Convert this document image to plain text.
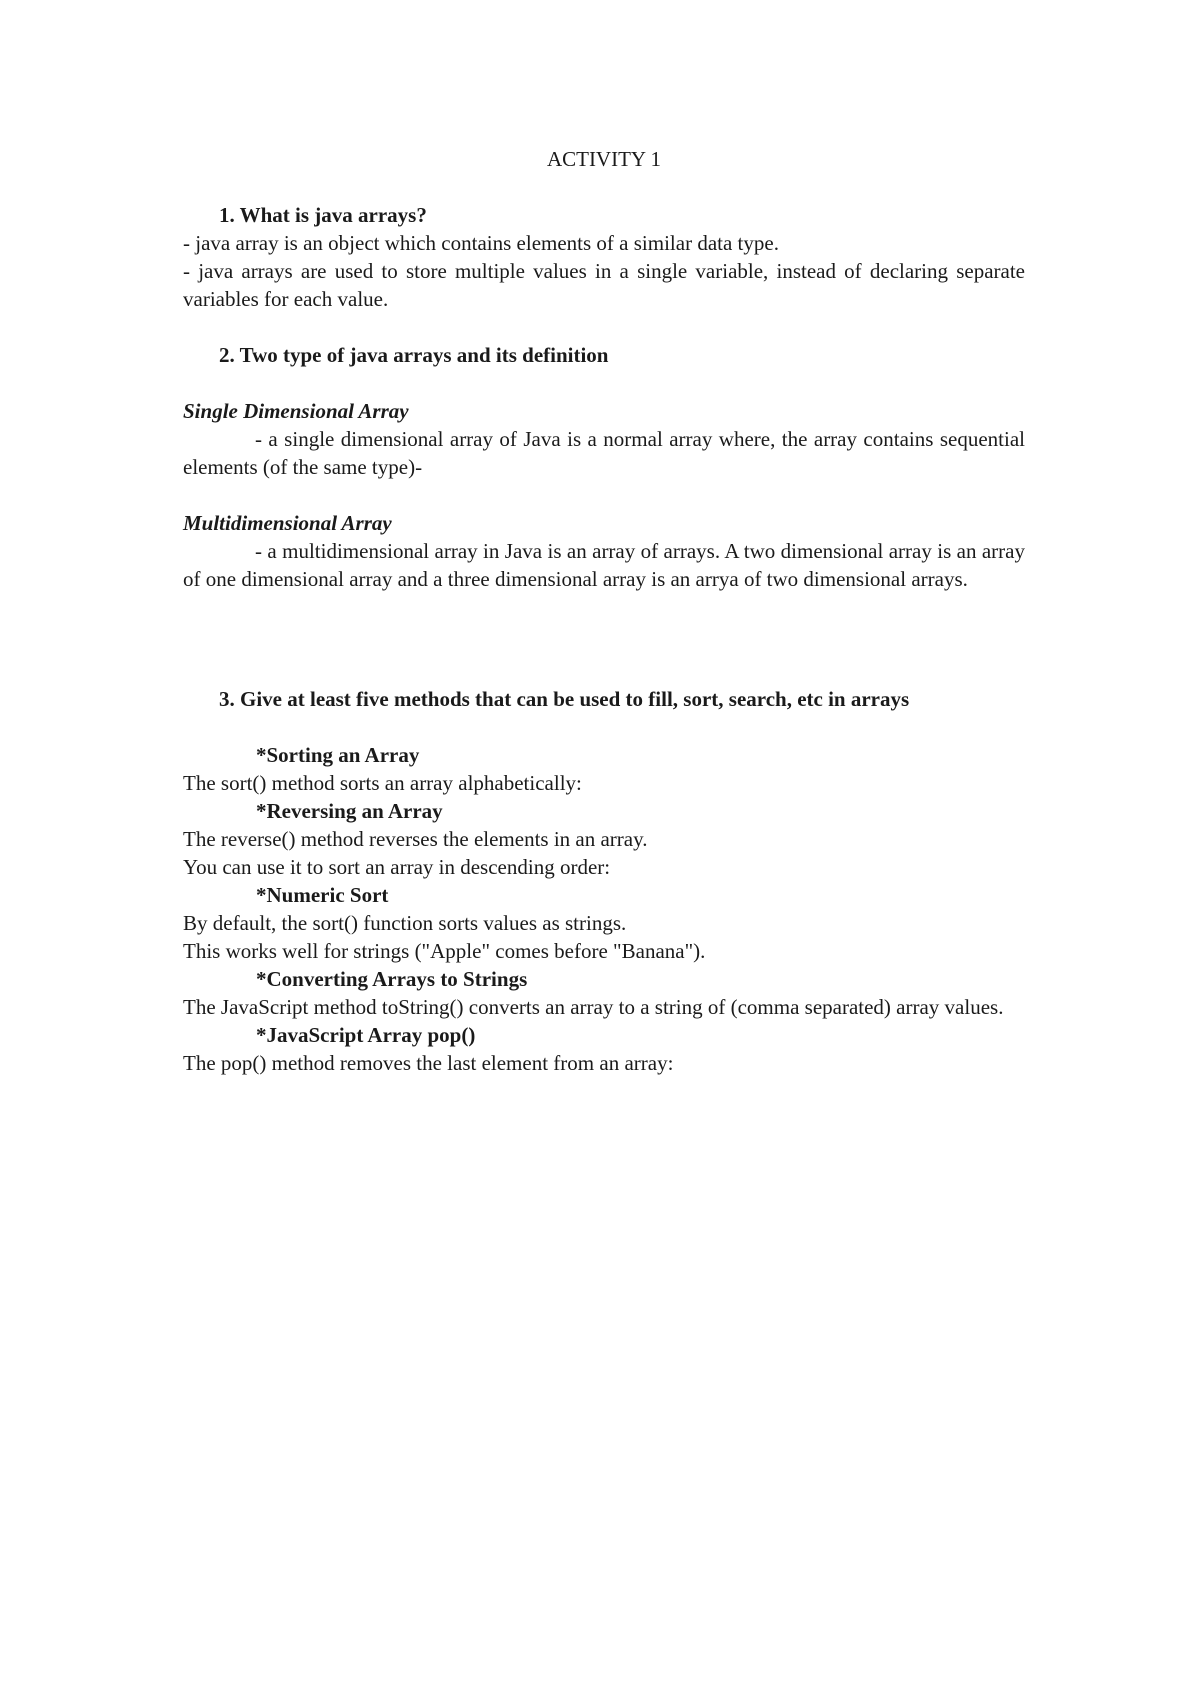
ACTIVITY 1

1. What is java arrays?

- java array is an object which contains elements of a similar data type.

- java arrays are used to store multiple values in a single variable, instead of declaring separate variables for each value.

2. Two type of java arrays and its definition

Single Dimensional Array

- a single dimensional array of Java is a normal array where, the array contains sequential elements (of the same type)-

Multidimensional Array

- a multidimensional array in Java is an array of arrays. A two dimensional array is an array of one dimensional array and a three dimensional array is an arrya of two dimensional arrays.

3. Give at least five methods that can be used to fill, sort, search, etc in arrays

*Sorting an Array

The sort() method sorts an array alphabetically:

*Reversing an Array

The reverse() method reverses the elements in an array.

You can use it to sort an array in descending order:

*Numeric Sort

By default, the sort() function sorts values as strings.

This works well for strings ("Apple" comes before "Banana").

*Converting Arrays to Strings

The JavaScript method toString() converts an array to a string of (comma separated) array values.

*JavaScript Array pop()

The pop() method removes the last element from an array:
